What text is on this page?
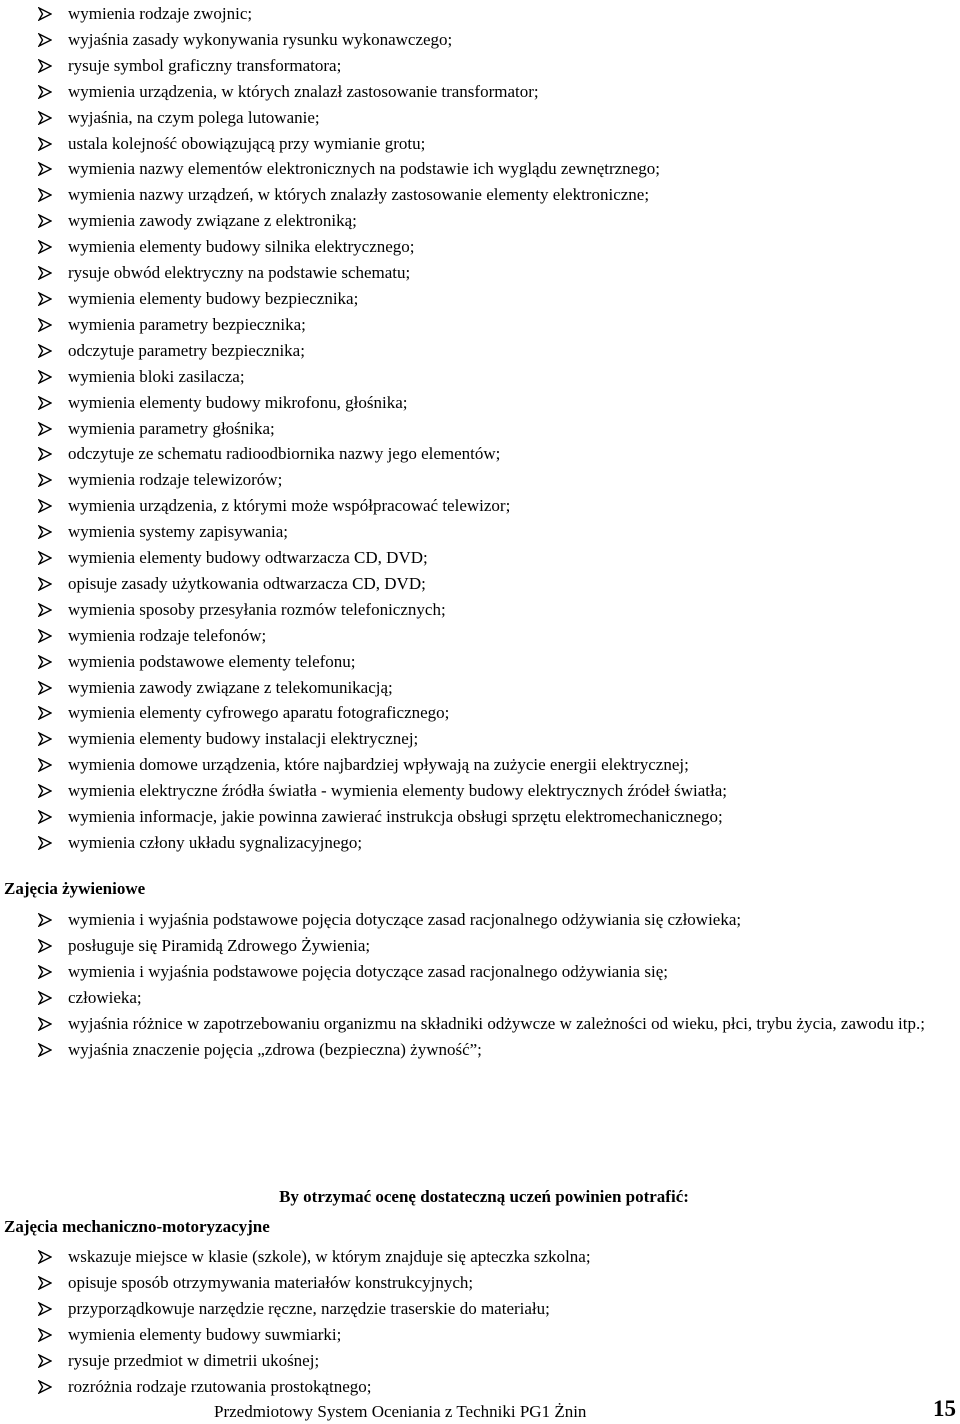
wymienia rodzaje zwojnic;
wyjaśnia zasady wykonywania rysunku wykonawczego;
rysuje symbol graficzny transformatora;
wymienia urządzenia, w których znalazł zastosowanie transformator;
wyjaśnia, na czym polega lutowanie;
ustala kolejność obowiązującą przy wymianie grotu;
wymienia nazwy elementów elektronicznych na podstawie ich wyglądu zewnętrznego;
wymienia nazwy urządzeń, w których znalazły zastosowanie elementy elektroniczne;
wymienia zawody związane z elektroniką;
wymienia elementy budowy silnika elektrycznego;
rysuje obwód elektryczny na podstawie schematu;
wymienia elementy budowy bezpiecznika;
wymienia parametry bezpiecznika;
odczytuje parametry bezpiecznika;
wymienia bloki zasilacza;
wymienia elementy budowy mikrofonu, głośnika;
wymienia parametry głośnika;
odczytuje ze schematu radioodbiornika nazwy jego elementów;
wymienia rodzaje telewizorów;
wymienia urządzenia, z którymi może współpracować telewizor;
wymienia systemy zapisywania;
wymienia elementy budowy odtwarzacza CD, DVD;
opisuje zasady użytkowania odtwarzacza CD, DVD;
wymienia sposoby przesyłania rozmów telefonicznych;
wymienia rodzaje telefonów;
wymienia podstawowe elementy telefonu;
wymienia zawody związane z telekomunikacją;
wymienia elementy cyfrowego aparatu fotograficznego;
wymienia elementy budowy instalacji elektrycznej;
wymienia domowe urządzenia, które najbardziej wpływają na zużycie energii elektrycznej;
wymienia elektryczne źródła światła - wymienia elementy budowy elektrycznych źródeł światła;
wymienia informacje, jakie powinna zawierać instrukcja obsługi sprzętu elektromechanicznego;
wymienia człony układu sygnalizacyjnego;
Zajęcia żywieniowe
wymienia i wyjaśnia podstawowe pojęcia dotyczące zasad racjonalnego odżywiania się człowieka;
posługuje się Piramidą Zdrowego Żywienia;
wymienia i wyjaśnia podstawowe pojęcia dotyczące zasad racjonalnego odżywiania się;
człowieka;
wyjaśnia różnice w zapotrzebowaniu organizmu na składniki odżywcze w zależności od wieku, płci, trybu życia, zawodu itp.;
wyjaśnia znaczenie pojęcia „zdrowa (bezpieczna) żywność”;
By otrzymać ocenę dostateczną uczeń powinien potrafić:
Zajęcia mechaniczno-motoryzacyjne
wskazuje miejsce w klasie (szkole), w którym znajduje się apteczka szkolna;
opisuje sposób otrzymywania materiałów konstrukcyjnych;
przyporządkowuje narzędzie ręczne, narzędzie traserskie do materiału;
wymienia elementy budowy suwmiarki;
rysuje przedmiot w dimetrii ukośnej;
rozróżnia rodzaje rzutowania prostokątnego;
Przedmiotowy System Oceniania z Techniki PG1 Żnin	15
